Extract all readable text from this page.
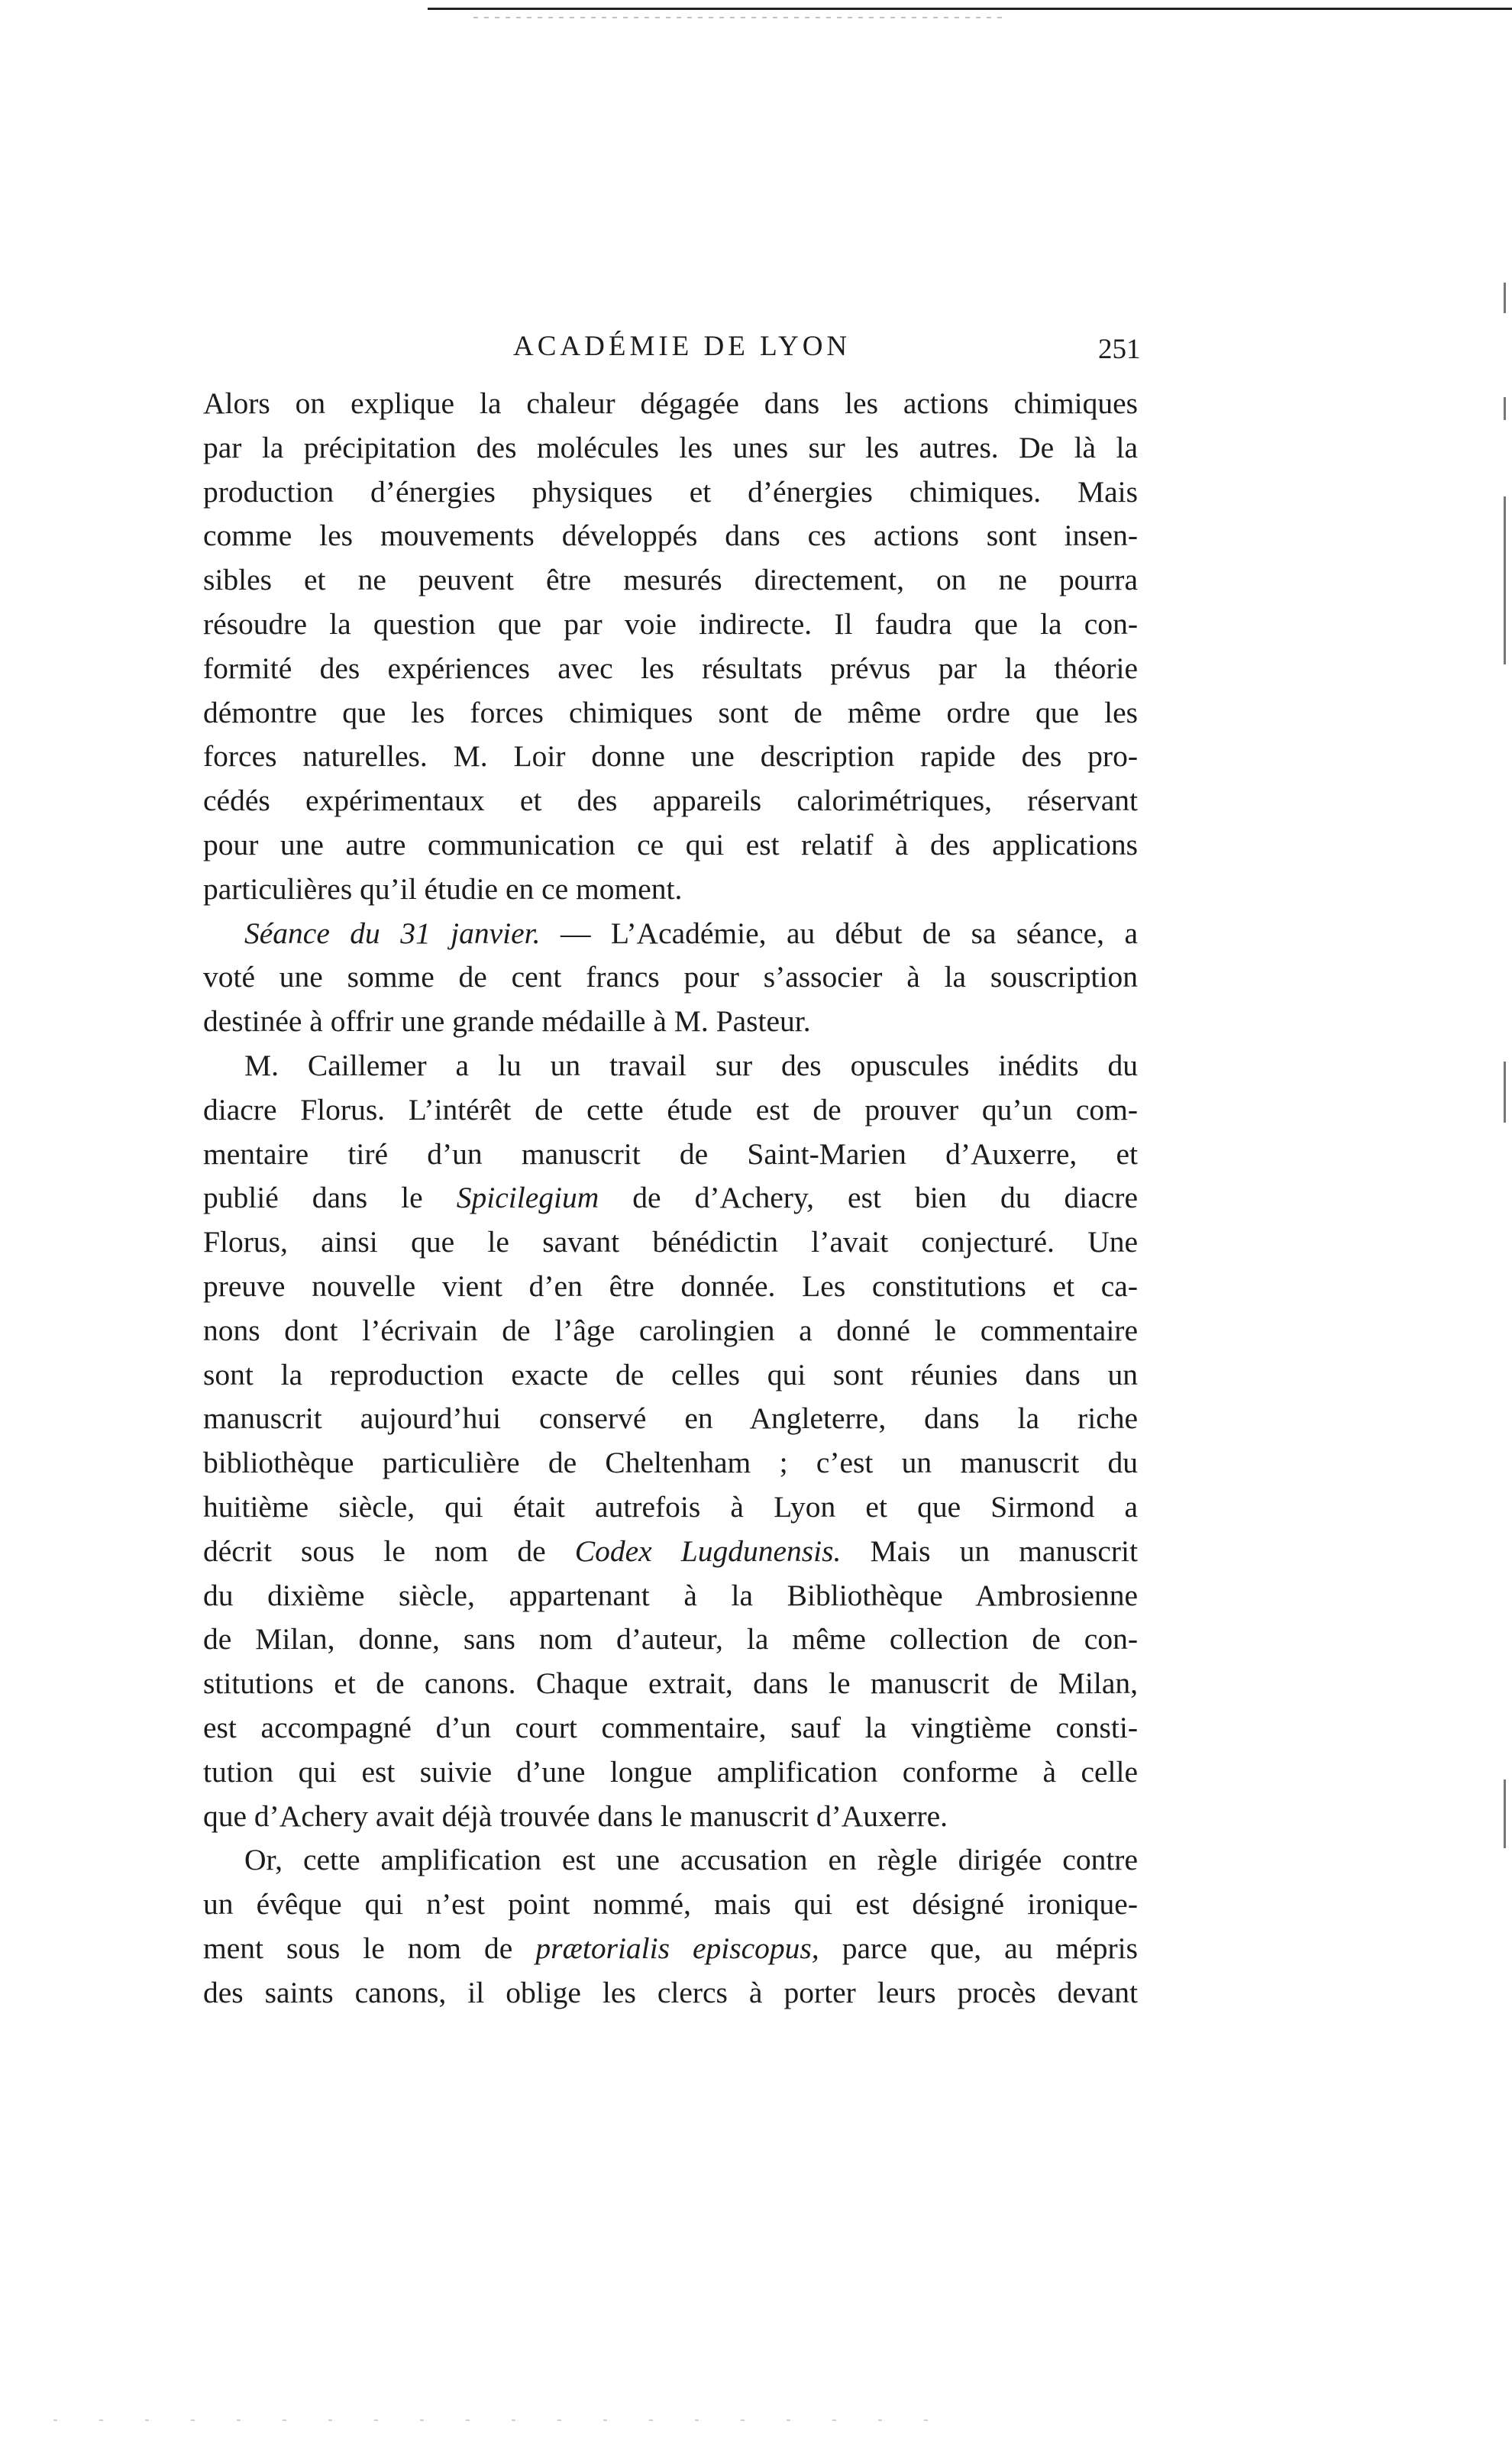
ACADÉMIE DE LYON	251

Alors on explique la chaleur dégagée dans les actions chimiques
par la précipitation des molécules les unes sur les autres. De là la
production d’énergies physiques et d’énergies chimiques. Mais
comme les mouvements développés dans ces actions sont insen-
sibles et ne peuvent être mesurés directement, on ne pourra
résoudre la question que par voie indirecte. Il faudra que la con-
formité des expériences avec les résultats prévus par la théorie
démontre que les forces chimiques sont de même ordre que les
forces naturelles. M. Loir donne une description rapide des pro-
cédés expérimentaux et des appareils calorimétriques, réservant
pour une autre communication ce qui est relatif à des applications
particulières qu’il étudie en ce moment.

Séance du 31 janvier. — L’Académie, au début de sa séance, a
voté une somme de cent francs pour s’associer à la souscription
destinée à offrir une grande médaille à M. Pasteur.

M. Caillemer a lu un travail sur des opuscules inédits du
diacre Florus. L’intérêt de cette étude est de prouver qu’un com-
mentaire tiré d’un manuscrit de Saint-Marien d’Auxerre, et
publié dans le Spicilegium de d’Achery, est bien du diacre
Florus, ainsi que le savant bénédictin l’avait conjecturé. Une
preuve nouvelle vient d’en être donnée. Les constitutions et ca-
nons dont l’écrivain de l’âge carolingien a donné le commentaire
sont la reproduction exacte de celles qui sont réunies dans un
manuscrit aujourd’hui conservé en Angleterre, dans la riche
bibliothèque particulière de Cheltenham ; c’est un manuscrit du
huitième siècle, qui était autrefois à Lyon et que Sirmond a
décrit sous le nom de Codex Lugdunensis. Mais un manuscrit
du dixième siècle, appartenant à la Bibliothèque Ambrosienne
de Milan, donne, sans nom d’auteur, la même collection de con-
stitutions et de canons. Chaque extrait, dans le manuscrit de Milan,
est accompagné d’un court commentaire, sauf la vingtième consti-
tution qui est suivie d’une longue amplification conforme à celle
que d’Achery avait déjà trouvée dans le manuscrit d’Auxerre.

Or, cette amplification est une accusation en règle dirigée contre
un évêque qui n’est point nommé, mais qui est désigné ironique-
ment sous le nom de prætorialis episcopus, parce que, au mépris
des saints canons, il oblige les clercs à porter leurs procès devant
